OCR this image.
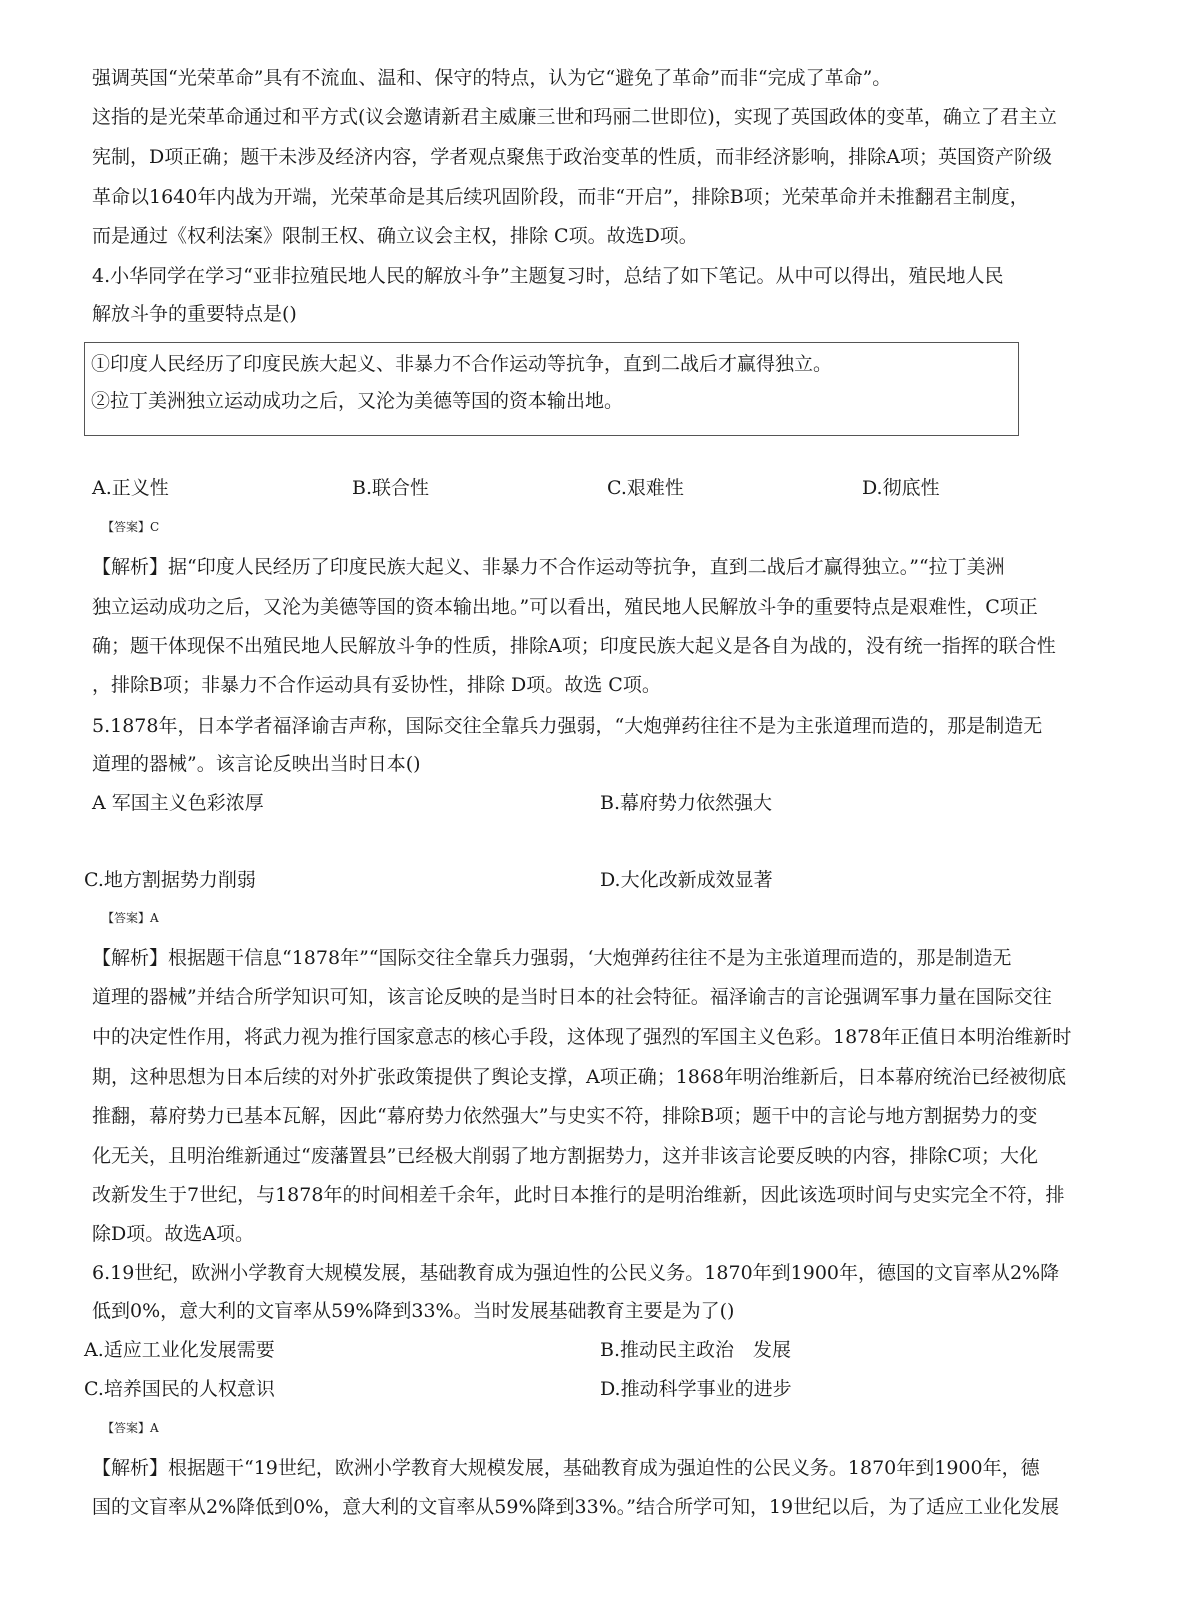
强调英国“光荣革命”具有不流血、温和、保守的特点，认为它“避免了革命”而非“完成了革命”。
这指的是光荣革命通过和平方式(议会邀请新君主威廉三世和玛丽二世即位)，实现了英国政体的变革，确立了君主立
宪制，D项正确；题干未涉及经济内容，学者观点聚焦于政治变革的性质，而非经济影响，排除A项；英国资产阶级
革命以1640年内战为开端，光荣革命是其后续巩固阶段，而非“开启”，排除B项；光荣革命并未推翻君主制度，
而是通过《权利法案》限制王权、确立议会主权，排除 C项。故选D项。
4.小华同学在学习“亚非拉殖民地人民的解放斗争”主题复习时，总结了如下笔记。从中可以得出，殖民地人民
解放斗争的重要特点是()
①印度人民经历了印度民族大起义、非暴力不合作运动等抗争，直到二战后才赢得独立。
②拉丁美洲独立运动成功之后，又沦为美德等国的资本输出地。
A.正义性	B.联合性	C.艰难性	D.彻底性
【答案】C
【解析】据“印度人民经历了印度民族大起义、非暴力不合作运动等抗争，直到二战后才赢得独立。”“拉丁美洲
独立运动成功之后，又沦为美德等国的资本输出地。”可以看出，殖民地人民解放斗争的重要特点是艰难性，C项正
确；题干体现保不出殖民地人民解放斗争的性质，排除A项；印度民族大起义是各自为战的，没有统一指挥的联合性
，排除B项；非暴力不合作运动具有妥协性，排除 D项。故选 C项。
5.1878年，日本学者福泽谕吉声称，国际交往全靠兵力强弱，“大炮弹药往往不是为主张道理而造的，那是制造无
道理的器械”。该言论反映出当时日本()
A 军国主义色彩浓厚	B.幕府势力依然强大
C.地方割据势力削弱	D.大化改新成效显著
【答案】A
【解析】根据题干信息“1878年”“国际交往全靠兵力强弱，‘大炮弹药往往不是为主张道理而造的，那是制造无
道理的器械”并结合所学知识可知，该言论反映的是当时日本的社会特征。福泽谕吉的言论强调军事力量在国际交往
中的决定性作用，将武力视为推行国家意志的核心手段，这体现了强烈的军国主义色彩。1878年正值日本明治维新时
期，这种思想为日本后续的对外扩张政策提供了舆论支撑，A项正确；1868年明治维新后，日本幕府统治已经被彻底
推翻，幕府势力已基本瓦解，因此“幕府势力依然强大”与史实不符，排除B项；题干中的言论与地方割据势力的变
化无关，且明治维新通过“废藩置县”已经极大削弱了地方割据势力，这并非该言论要反映的内容，排除C项；大化
改新发生于7世纪，与1878年的时间相差千余年，此时日本推行的是明治维新，因此该选项时间与史实完全不符，排
除D项。故选A项。
6.19世纪，欧洲小学教育大规模发展，基础教育成为强迫性的公民义务。1870年到1900年，德国的文盲率从2%降
低到0%，意大利的文盲率从59%降到33%。当时发展基础教育主要是为了()
A.适应工业化发展需要	B.推动民主政治　发展
C.培养国民的人权意识	D.推动科学事业的进步
【答案】A
【解析】根据题干“19世纪，欧洲小学教育大规模发展，基础教育成为强迫性的公民义务。1870年到1900年，德
国的文盲率从2%降低到0%，意大利的文盲率从59%降到33%。”结合所学可知，19世纪以后，为了适应工业化发展
